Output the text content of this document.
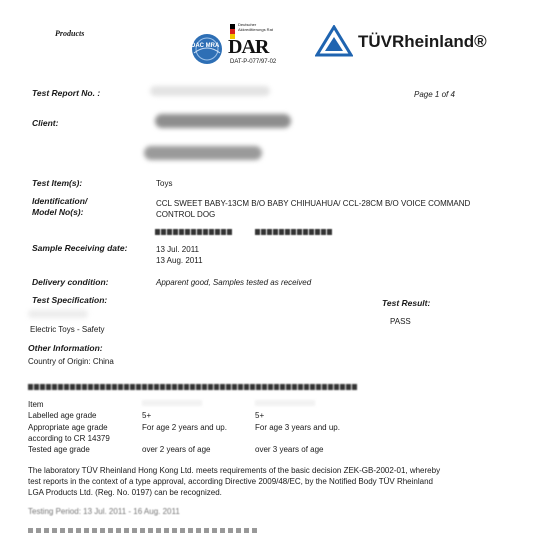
Products
DAC MRA
Deutscher Akkreditierungs Rat
DAR
DAT-P-077/97-02
TÜVRheinland®
Test Report No. :	Page 1 of 4
Client:
Test Item(s):	Toys
Identification/
Model No(s):
CCL SWEET BABY-13CM B/O BABY CHIHUAHUA/ CCL-28CM B/O VOICE COMMAND
CONTROL DOG
Sample Receiving date:	13 Jul. 2011
13 Aug. 2011
Delivery condition:	Apparent good, Samples tested as received
Test Specification:	Test Result:
Electric Toys - Safety
PASS
Other Information:
Country of Origin: China
Item
Labelled age grade	5+	5+
Appropriate age grade	For age 2 years and up.	For age 3 years and up.
according to CR 14379
Tested age grade	over 2 years of age	over 3 years of age
The laboratory TÜV Rheinland Hong Kong Ltd. meets requirements of the basic decision ZEK-GB-2002-01, whereby
test reports in the context of a type approval, according Directive 2009/48/EC, by the Notified Body TÜV Rheinland
LGA Products Ltd. (Reg. No. 0197) can be recognized.
Testing Period: 13 Jul. 2011 - 16 Aug. 2011
